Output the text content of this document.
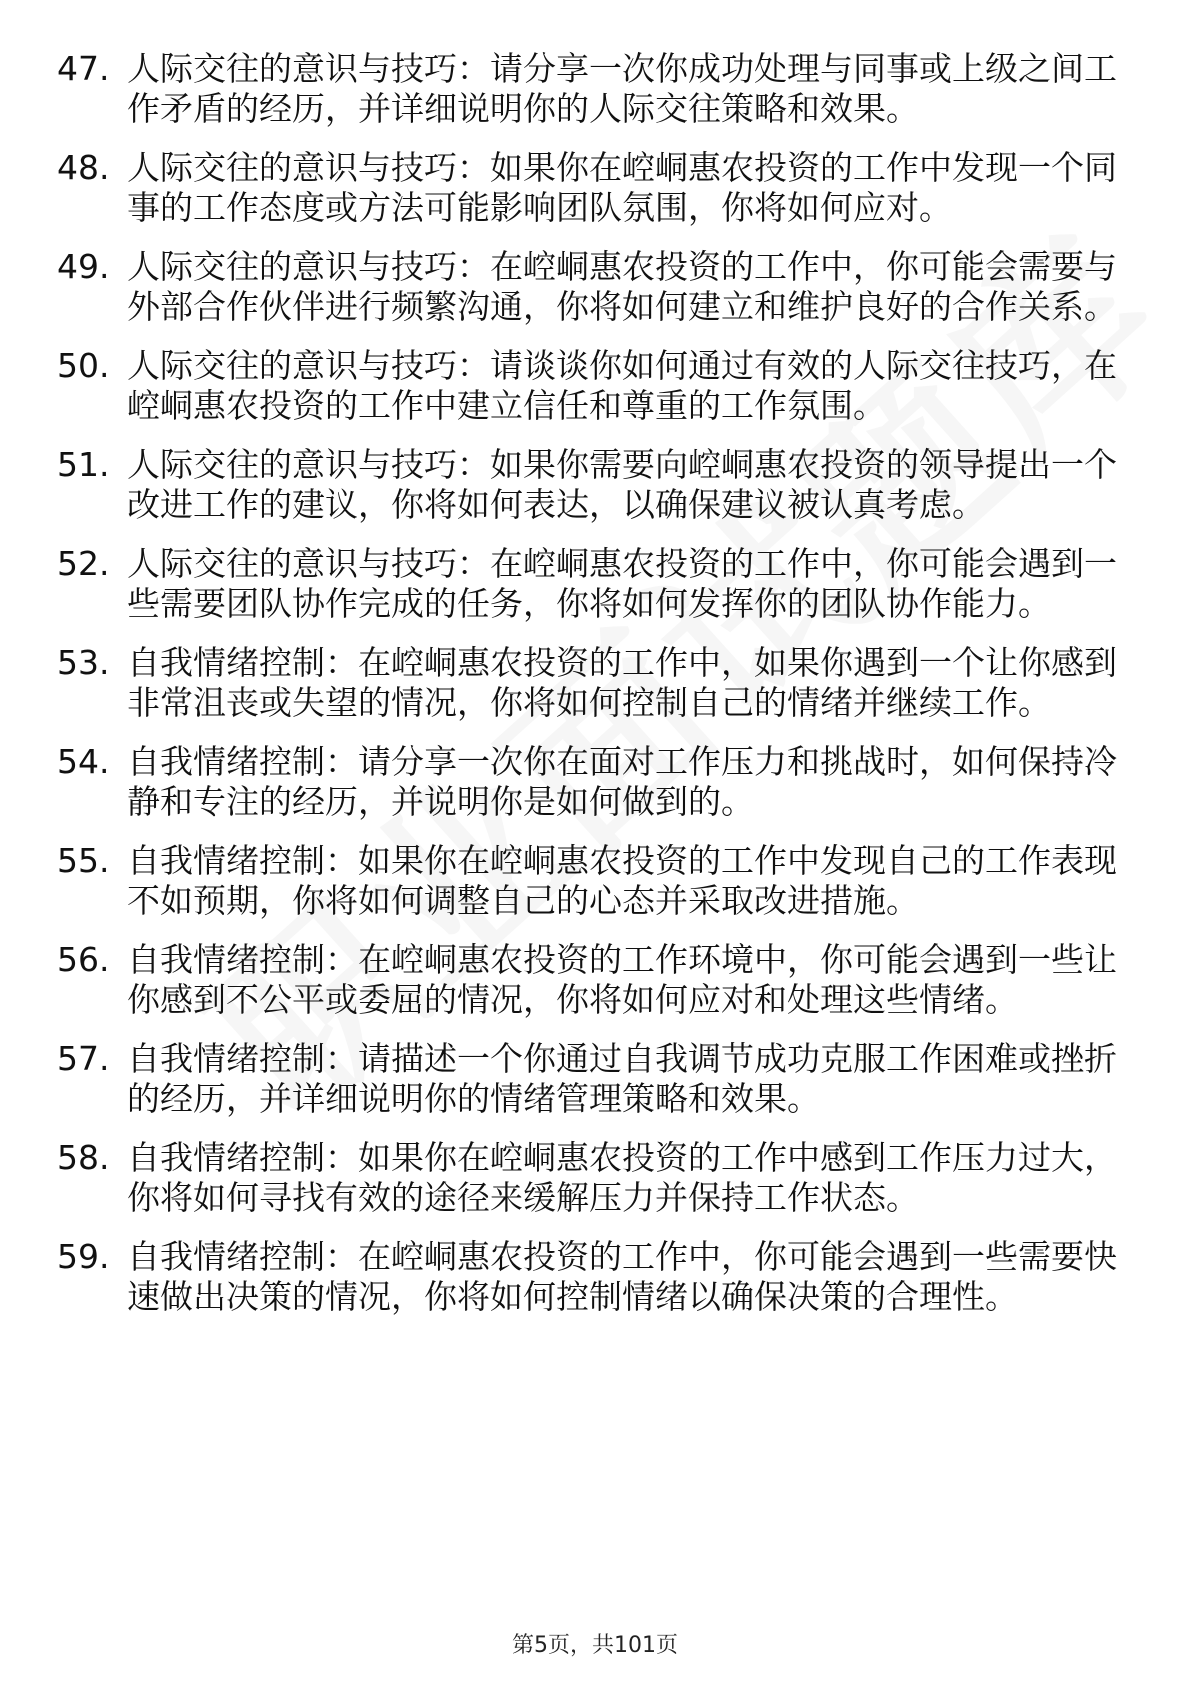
47. 人际交往的意识与技巧：请分享一次你成功处理与同事或上级之间工作矛盾的经历，并详细说明你的人际交往策略和效果。
48. 人际交往的意识与技巧：如果你在崆峒惠农投资的工作中发现一个同事的工作态度或方法可能影响团队氛围，你将如何应对。
49. 人际交往的意识与技巧：在崆峒惠农投资的工作中，你可能会需要与外部合作伙伴进行频繁沟通，你将如何建立和维护良好的合作关系。
50. 人际交往的意识与技巧：请谈谈你如何通过有效的人际交往技巧，在崆峒惠农投资的工作中建立信任和尊重的工作氛围。
51. 人际交往的意识与技巧：如果你需要向崆峒惠农投资的领导提出一个改进工作的建议，你将如何表达，以确保建议被认真考虑。
52. 人际交往的意识与技巧：在崆峒惠农投资的工作中，你可能会遇到一些需要团队协作完成的任务，你将如何发挥你的团队协作能力。
53. 自我情绪控制：在崆峒惠农投资的工作中，如果你遇到一个让你感到非常沮丧或失望的情况，你将如何控制自己的情绪并继续工作。
54. 自我情绪控制：请分享一次你在面对工作压力和挑战时，如何保持冷静和专注的经历，并说明你是如何做到的。
55. 自我情绪控制：如果你在崆峒惠农投资的工作中发现自己的工作表现不如预期，你将如何调整自己的心态并采取改进措施。
56. 自我情绪控制：在崆峒惠农投资的工作环境中，你可能会遇到一些让你感到不公平或委屈的情况，你将如何应对和处理这些情绪。
57. 自我情绪控制：请描述一个你通过自我调节成功克服工作困难或挫折的经历，并详细说明你的情绪管理策略和效果。
58. 自我情绪控制：如果你在崆峒惠农投资的工作中感到工作压力过大，你将如何寻找有效的途径来缓解压力并保持工作状态。
59. 自我情绪控制：在崆峒惠农投资的工作中，你可能会遇到一些需要快速做出决策的情况，你将如何控制情绪以确保决策的合理性。
第5页，共101页
